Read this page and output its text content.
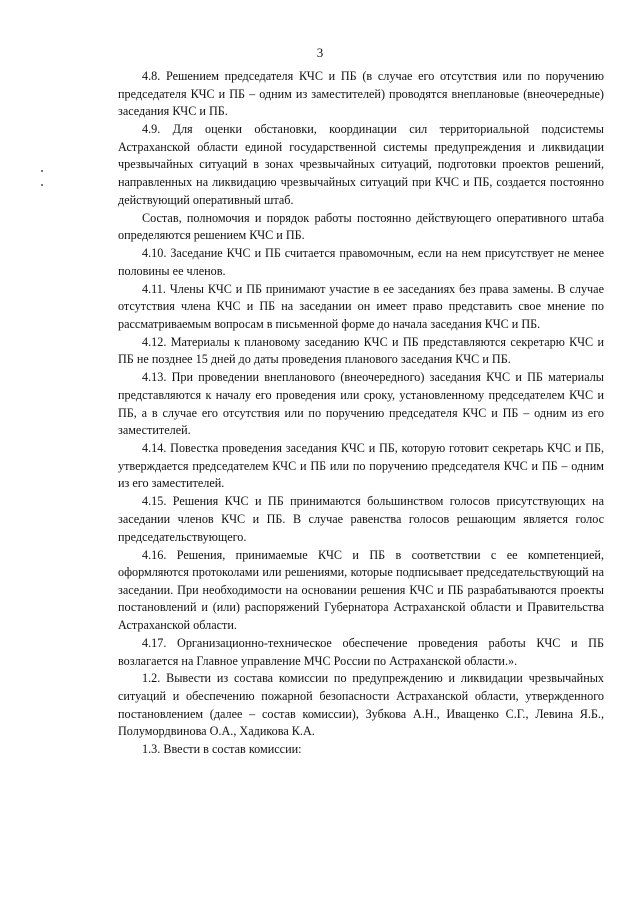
3

4.8. Решением председателя КЧС и ПБ (в случае его отсутствия или по поручению председателя КЧС и ПБ – одним из заместителей) проводятся внеплановые (внеочередные) заседания КЧС и ПБ.

4.9. Для оценки обстановки, координации сил территориальной подсистемы Астраханской области единой государственной системы предупреждения и ликвидации чрезвычайных ситуаций в зонах чрезвычайных ситуаций, подготовки проектов решений, направленных на ликвидацию чрезвычайных ситуаций при КЧС и ПБ, создается постоянно действующий оперативный штаб.

Состав, полномочия и порядок работы постоянно действующего оперативного штаба определяются решением КЧС и ПБ.

4.10. Заседание КЧС и ПБ считается правомочным, если на нем присутствует не менее половины ее членов.

4.11. Члены КЧС и ПБ принимают участие в ее заседаниях без права замены. В случае отсутствия члена КЧС и ПБ на заседании он имеет право представить свое мнение по рассматриваемым вопросам в письменной форме до начала заседания КЧС и ПБ.

4.12. Материалы к плановому заседанию КЧС и ПБ представляются секретарю КЧС и ПБ не позднее 15 дней до даты проведения планового заседания КЧС и ПБ.

4.13. При проведении внепланового (внеочередного) заседания КЧС и ПБ материалы представляются к началу его проведения или сроку, установленному председателем КЧС и ПБ, а в случае его отсутствия или по поручению председателя КЧС и ПБ – одним из его заместителей.

4.14. Повестка проведения заседания КЧС и ПБ, которую готовит секретарь КЧС и ПБ, утверждается председателем КЧС и ПБ или по поручению председателя КЧС и ПБ – одним из его заместителей.

4.15. Решения КЧС и ПБ принимаются большинством голосов присутствующих на заседании членов КЧС и ПБ. В случае равенства голосов решающим является голос председательствующего.

4.16. Решения, принимаемые КЧС и ПБ в соответствии с ее компетенцией, оформляются протоколами или решениями, которые подписывает председательствующий на заседании. При необходимости на основании решения КЧС и ПБ разрабатываются проекты постановлений и (или) распоряжений Губернатора Астраханской области и Правительства Астраханской области.

4.17. Организационно-техническое обеспечение проведения работы КЧС и ПБ возлагается на Главное управление МЧС России по Астраханской области.».

1.2. Вывести из состава комиссии по предупреждению и ликвидации чрезвычайных ситуаций и обеспечению пожарной безопасности Астраханской области, утвержденного постановлением (далее – состав комиссии), Зубкова А.Н., Иващенко С.Г., Левина Я.Б., Полумордвинова О.А., Хадикова К.А.

1.3. Ввести в состав комиссии:
